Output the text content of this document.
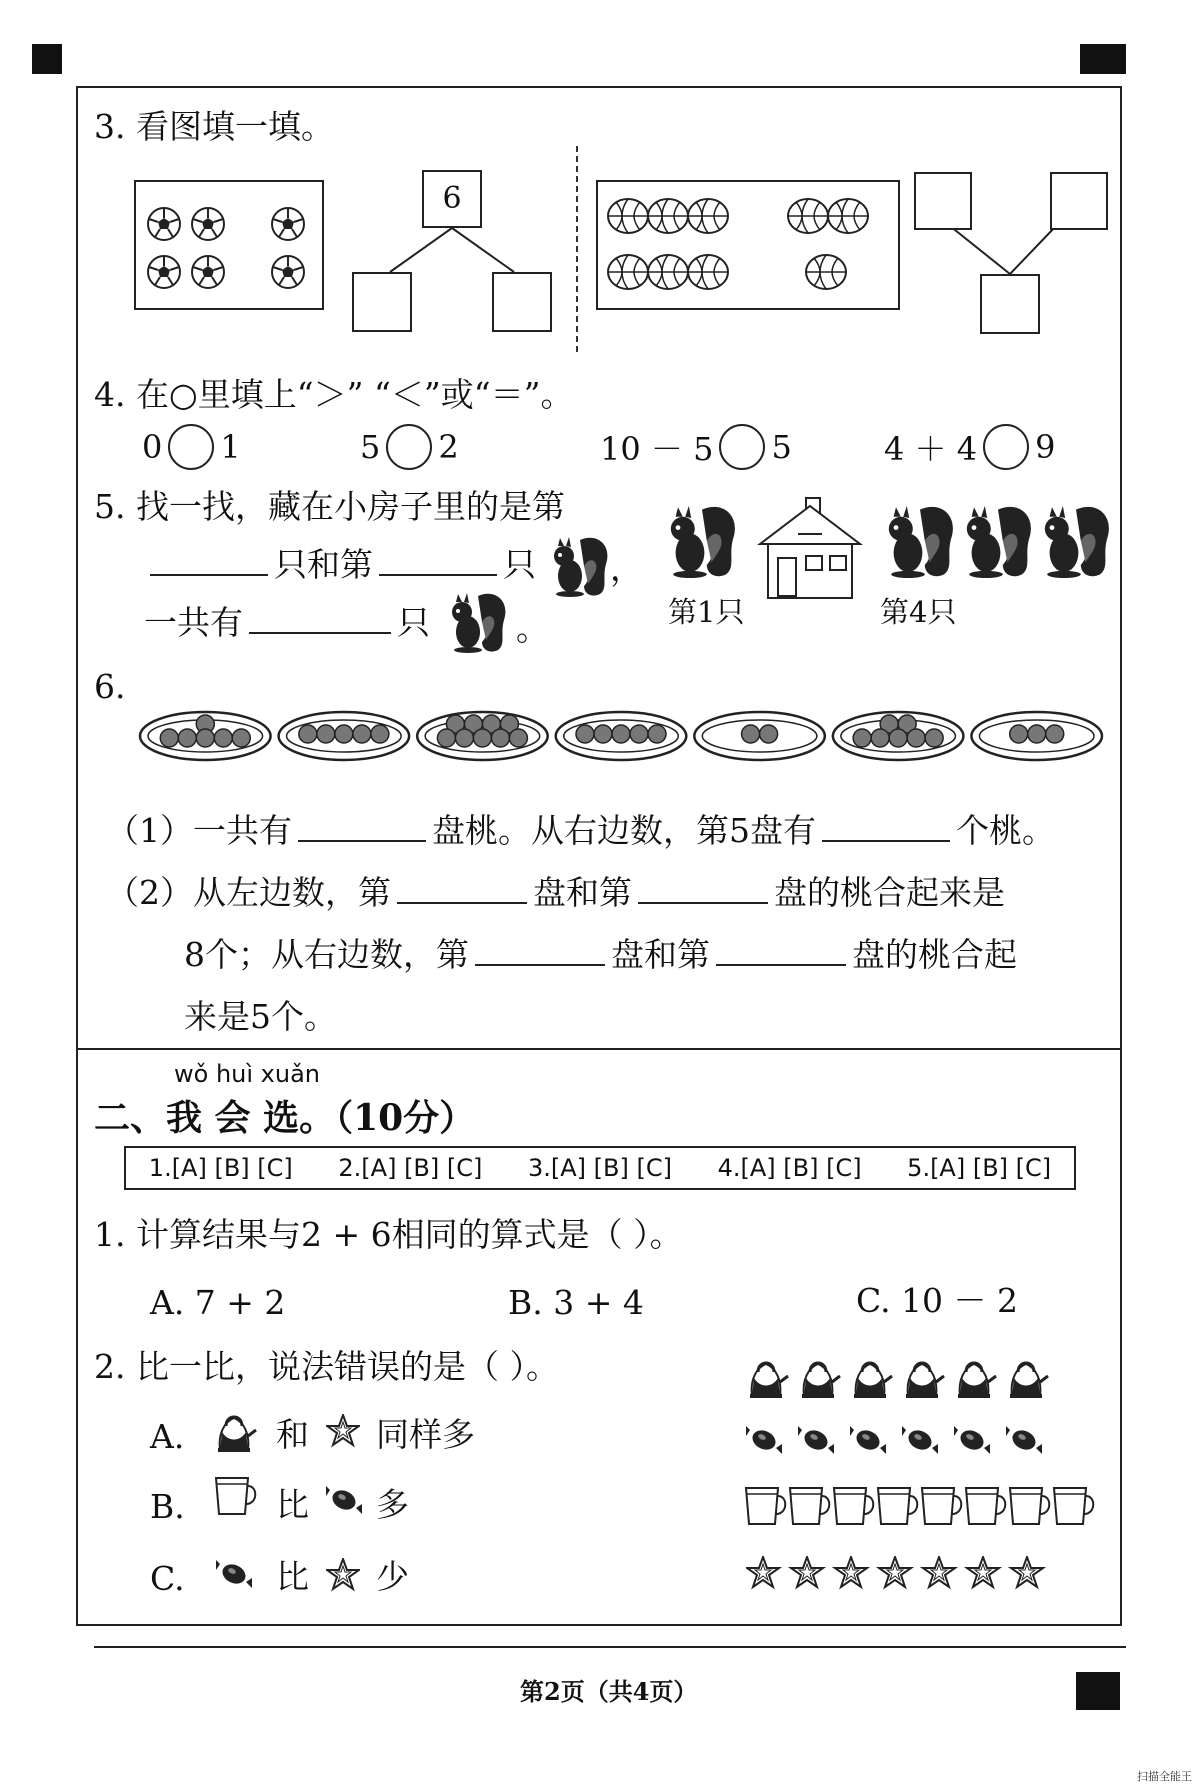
3. 看图填一填。
6
4. 在○里填上“＞” “＜”或“＝”。
0 1	5 2	10 － 5 5	4 ＋ 4 9
5. 找一找，藏在小房子里的是第
只和第	只
一共有	只
，
。	第1只	第4只
6.
（1）一共有	盘桃。从右边数，第5盘有	个桃。
（2）从左边数，第	盘和第	盘的桃合起来是
8个；从右边数，第	盘和第	盘的桃合起
来是5个。
wǒ huì xuǎn
二、我 会 选。（10分）
1.[A] [B] [C] 2.[A] [B] [C] 3.[A] [B] [C] 4.[A] [B] [C] 5.[A] [B] [C]
1. 计算结果与2 + 6相同的算式是（ ）。
A. 7 + 2	B. 3 + 4	C. 10 － 2
2. 比一比，说法错误的是（ ）。
A.	和 同样多
B.	比 多
C.	比 少
第2页（共4页）
扫描全能王
